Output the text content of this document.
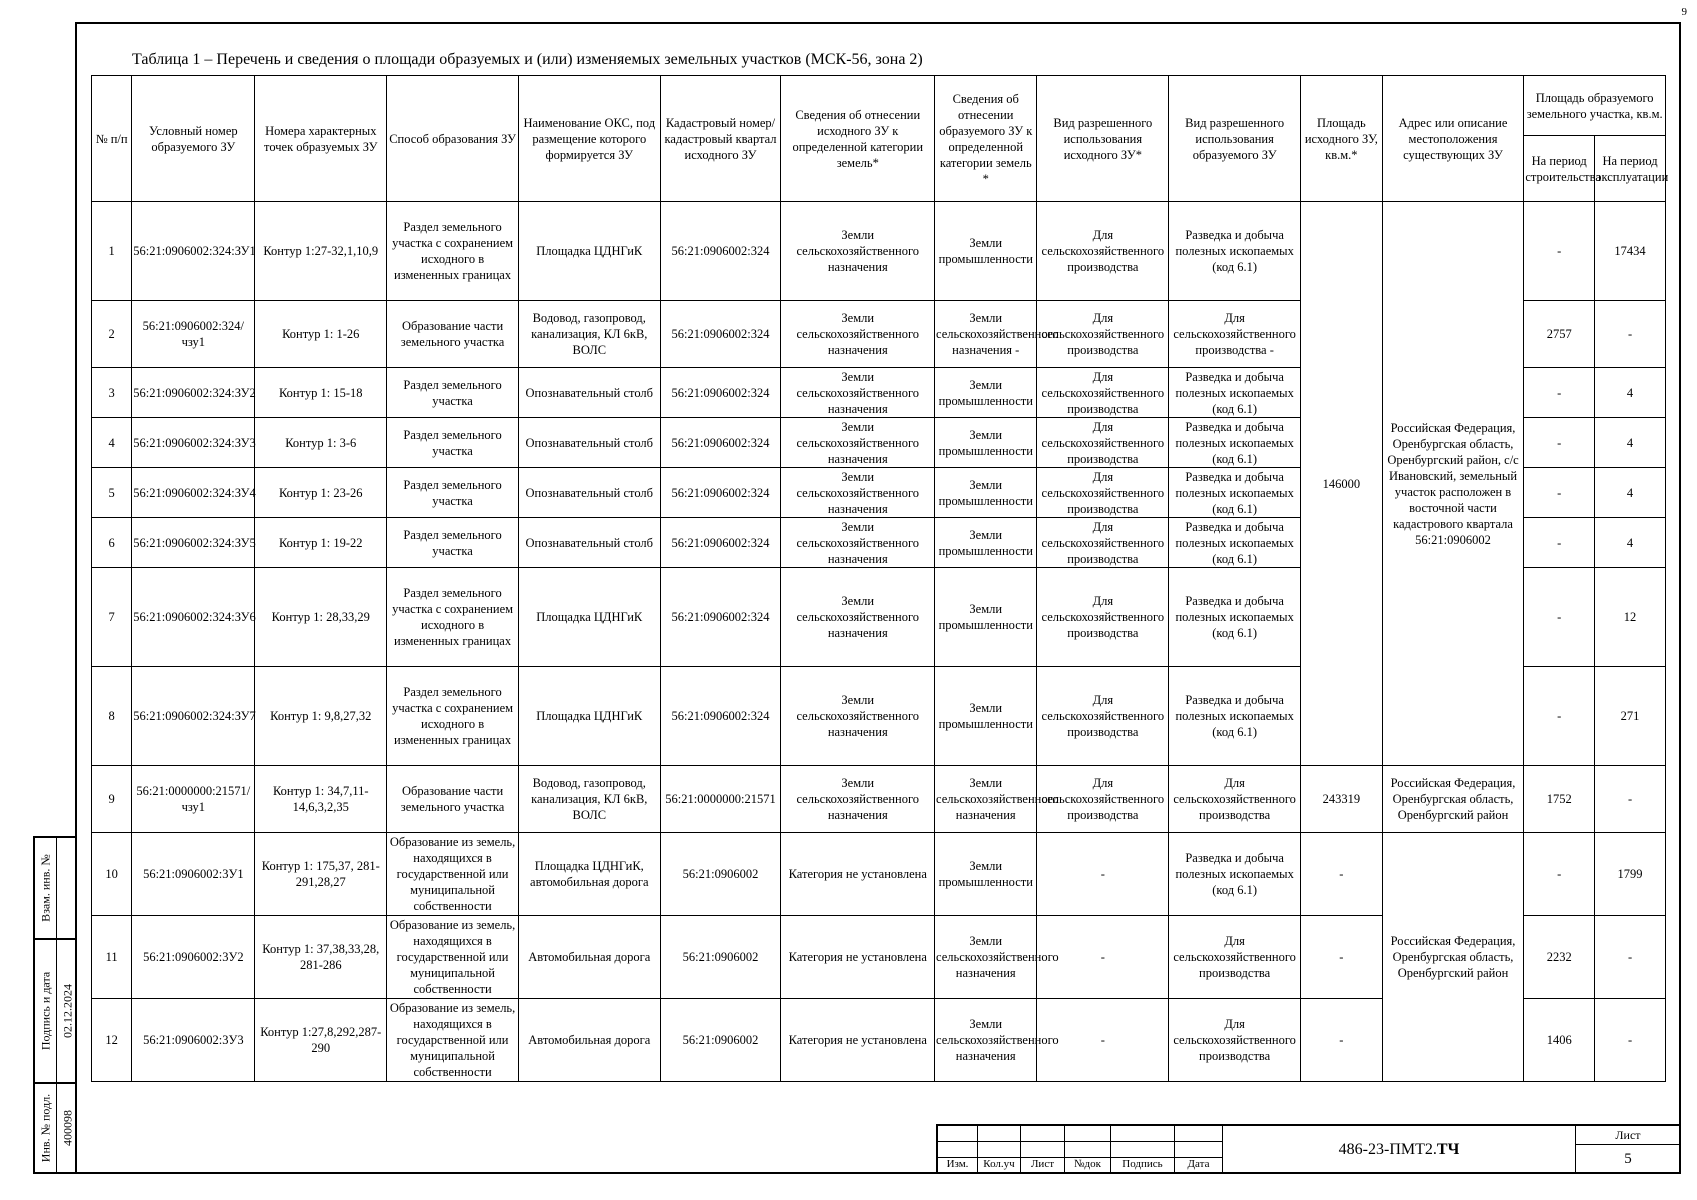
9
Таблица 1 – Перечень и сведения о площади образуемых и (или) изменяемых земельных участков (МСК-56, зона 2)
№ п/п	Условный номер образуемого ЗУ	Номера характерных точек образуемых ЗУ	Способ образования ЗУ	Наименование ОКС, под размещение которого формируется ЗУ	Кадастровый номер/ кадастровый квартал исходного ЗУ	Сведения об отнесении исходного ЗУ к определенной категории земель*	Сведения об отнесении образуемого ЗУ к определенной категории земель *	Вид разрешенного использования исходного ЗУ*	Вид разрешенного использования образуемого ЗУ	Площадь исходного ЗУ, кв.м.*	Адрес или описание местоположения существующих ЗУ	Площадь образуемого земельного участка, кв.м.	
												На период строительства	На период эксплуатации
1	56:21:0906002:324:ЗУ1	Контур 1:27-32,1,10,9	Раздел земельного участка с сохранением исходного в измененных границах	Площадка ЦДНГиК	56:21:0906002:324	Земли сельскохозяйственного назначения	Земли промышленности	Для сельскохозяйственного производства	Разведка и добыча полезных ископаемых (код 6.1)	146000	Российская Федерация, Оренбургская область, Оренбургский район, с/с Ивановский, земельный участок расположен в восточной части кадастрового квартала 56:21:0906002	-	17434
2	56:21:0906002:324/чзу1	Контур 1: 1-26	Образование части земельного участка	Водовод, газопровод, канализация, КЛ 6кВ, ВОЛС	56:21:0906002:324	Земли сельскохозяйственного назначения	Земли сельскохозяйственного назначения -	Для сельскохозяйственного производства	Для сельскохозяйственного производства -			2757	-
3	56:21:0906002:324:ЗУ2	Контур 1: 15-18	Раздел земельного участка	Опознавательный столб	56:21:0906002:324	Земли сельскохозяйственного назначения	Земли промышленности	Для сельскохозяйственного производства	Разведка и добыча полезных ископаемых (код 6.1)			-	4
4	56:21:0906002:324:ЗУ3	Контур 1: 3-6	Раздел земельного участка	Опознавательный столб	56:21:0906002:324	Земли сельскохозяйственного назначения	Земли промышленности	Для сельскохозяйственного производства	Разведка и добыча полезных ископаемых (код 6.1)			-	4
5	56:21:0906002:324:ЗУ4	Контур 1: 23-26	Раздел земельного участка	Опознавательный столб	56:21:0906002:324	Земли сельскохозяйственного назначения	Земли промышленности	Для сельскохозяйственного производства	Разведка и добыча полезных ископаемых (код 6.1)			-	4
6	56:21:0906002:324:ЗУ5	Контур 1: 19-22	Раздел земельного участка	Опознавательный столб	56:21:0906002:324	Земли сельскохозяйственного назначения	Земли промышленности	Для сельскохозяйственного производства	Разведка и добыча полезных ископаемых (код 6.1)			-	4
7	56:21:0906002:324:ЗУ6	Контур 1: 28,33,29	Раздел земельного участка с сохранением исходного в измененных границах	Площадка ЦДНГиК	56:21:0906002:324	Земли сельскохозяйственного назначения	Земли промышленности	Для сельскохозяйственного производства	Разведка и добыча полезных ископаемых (код 6.1)			-	12
8	56:21:0906002:324:ЗУ7	Контур 1: 9,8,27,32	Раздел земельного участка с сохранением исходного в измененных границах	Площадка ЦДНГиК	56:21:0906002:324	Земли сельскохозяйственного назначения	Земли промышленности	Для сельскохозяйственного производства	Разведка и добыча полезных ископаемых (код 6.1)			-	271
9	56:21:0000000:21571/чзу1	Контур 1: 34,7,11-14,6,3,2,35	Образование части земельного участка	Водовод, газопровод, канализация, КЛ 6кВ, ВОЛС	56:21:0000000:21571	Земли сельскохозяйственного назначения	Земли сельскохозяйственного назначения	Для сельскохозяйственного производства	Для сельскохозяйственного производства	243319	Российская Федерация, Оренбургская область, Оренбургский район	1752	-
10	56:21:0906002:3У1	Контур 1: 175,37, 281-291,28,27	Образование из земель, находящихся в государственной или муниципальной собственности	Площадка ЦДНГиК, автомобильная дорога	56:21:0906002	Категория не установлена	Земли промышленности	-	Разведка и добыча полезных ископаемых (код 6.1)	-	Российская Федерация, Оренбургская область, Оренбургский район	-	1799
11	56:21:0906002:3У2	Контур 1: 37,38,33,28, 281-286	Образование из земель, находящихся в государственной или муниципальной собственности	Автомобильная дорога	56:21:0906002	Категория не установлена	Земли сельскохозяйственного назначения	-	Для сельскохозяйственного производства	-		2232	-
12	56:21:0906002:3У3	Контур 1:27,8,292,287-290	Образование из земель, находящихся в государственной или муниципальной собственности	Автомобильная дорога	56:21:0906002	Категория не установлена	Земли сельскохозяйственного назначения	-	Для сельскохозяйственного производства	-		1406	-
Взам. инв. №
Подпись и дата 02.12.2024
Инв. № подл. 400098
Изм.	Кол.уч	Лист	№док	Подпись	Дата
486-23-ПМТ2. ТЧ
Лист
5
